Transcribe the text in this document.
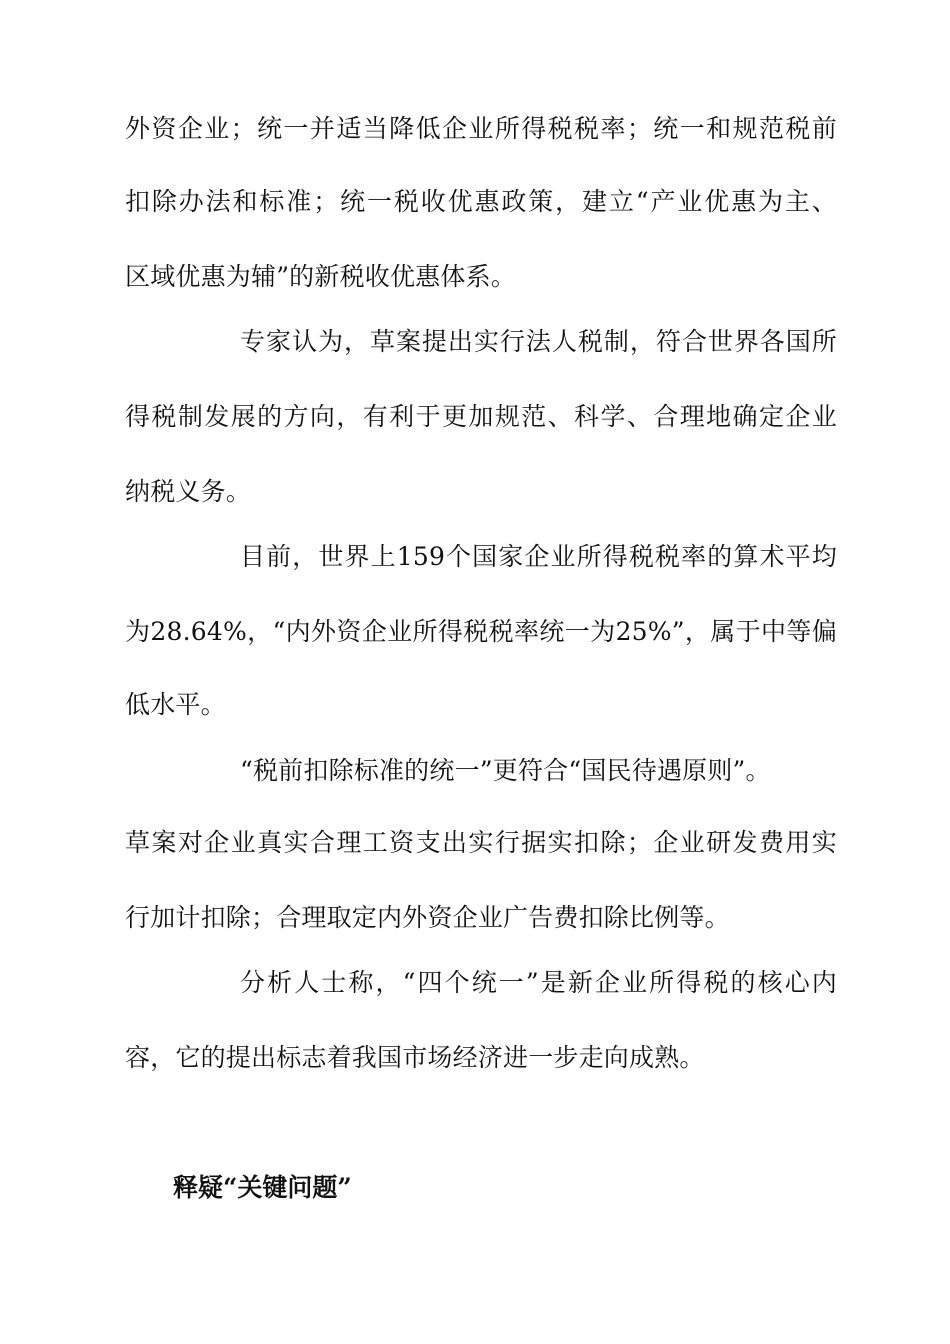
外资企业；统一并适当降低企业所得税税率；统一和规范税前
扣除办法和标准；统一税收优惠政策，建立“产业优惠为主、
区域优惠为辅”的新税收优惠体系。
专家认为，草案提出实行法人税制，符合世界各国所
得税制发展的方向，有利于更加规范、科学、合理地确定企业
纳税义务。
目前，世界上159个国家企业所得税税率的算术平均
为28.64%，“内外资企业所得税税率统一为25%”，属于中等偏
低水平。
“税前扣除标准的统一”更符合“国民待遇原则”。
草案对企业真实合理工资支出实行据实扣除；企业研发费用实
行加计扣除；合理取定内外资企业广告费扣除比例等。
分析人士称，“四个统一”是新企业所得税的核心内
容，它的提出标志着我国市场经济进一步走向成熟。
释疑“关键问题”
